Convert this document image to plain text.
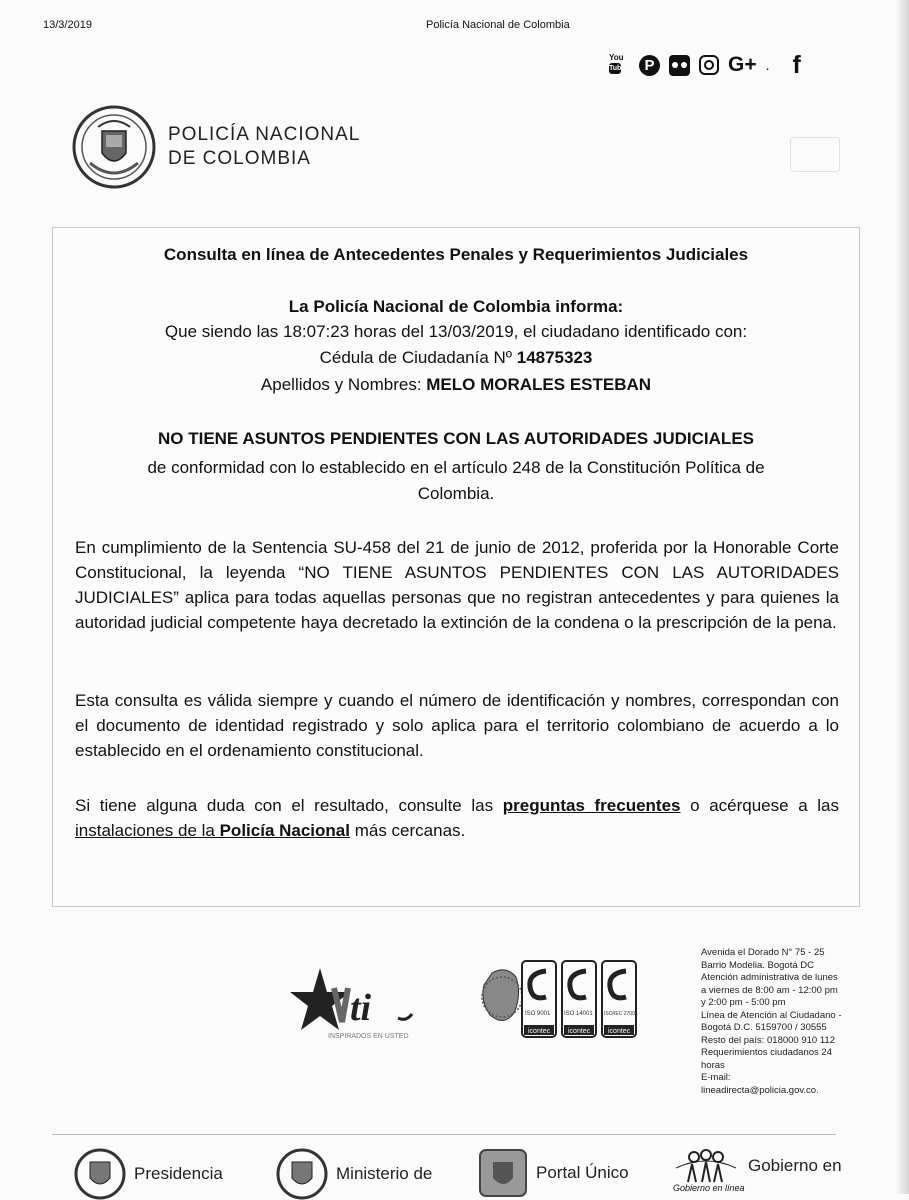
13/3/2019	Policía Nacional de Colombia
You
Tube	P	G+ . f
POLICÍA NACIONAL
DE COLOMBIA
Consulta en línea de Antecedentes Penales y Requerimientos Judiciales
La Policía Nacional de Colombia informa:
Que siendo las 18:07:23 horas del 13/03/2019, el ciudadano identificado con:
Cédula de Ciudadanía Nº 14875323
Apellidos y Nombres: MELO MORALES ESTEBAN
NO TIENE ASUNTOS PENDIENTES CON LAS AUTORIDADES JUDICIALES
de conformidad con lo establecido en el artículo 248 de la Constitución Política de Colombia.

En cumplimiento de la Sentencia SU-458 del 21 de junio de 2012, proferida por la Honorable Corte Constitucional, la leyenda “NO TIENE ASUNTOS PENDIENTES CON LAS AUTORIDADES JUDICIALES” aplica para todas aquellas personas que no registran antecedentes y para quienes la autoridad judicial competente haya decretado la extinción de la condena o la prescripción de la pena.

Esta consulta es válida siempre y cuando el número de identificación y nombres, correspondan con el documento de identidad registrado y solo aplica para el territorio colombiano de acuerdo a lo establecido en el ordenamiento constitucional.

Si tiene alguna duda con el resultado, consulte las preguntas frecuentes o acérquese a las instalaciones de la Policía Nacional más cercanas.

ti
INSPIRADOS EN USTED
ISO 9001 ISO 14001 ISO/IEC 27001
icontec	icontec	icontec
Avenida el Dorado N° 75 - 25
Barrio Modelia. Bogotá DC
Atención administrativa de lunes
a viernes de 8:00 am - 12:00 pm
y 2:00 pm - 5:00 pm
Línea de Atención al Ciudadano -
Bogotá D.C. 5159700 / 30555
Resto del país: 018000 910 112
Requerimientos ciudadanos 24
horas
E-mail:
lineadirecta@policia.gov.co.
Presidencia	Ministerio de	Portal Único	Gobierno en
Gobierno en línea
